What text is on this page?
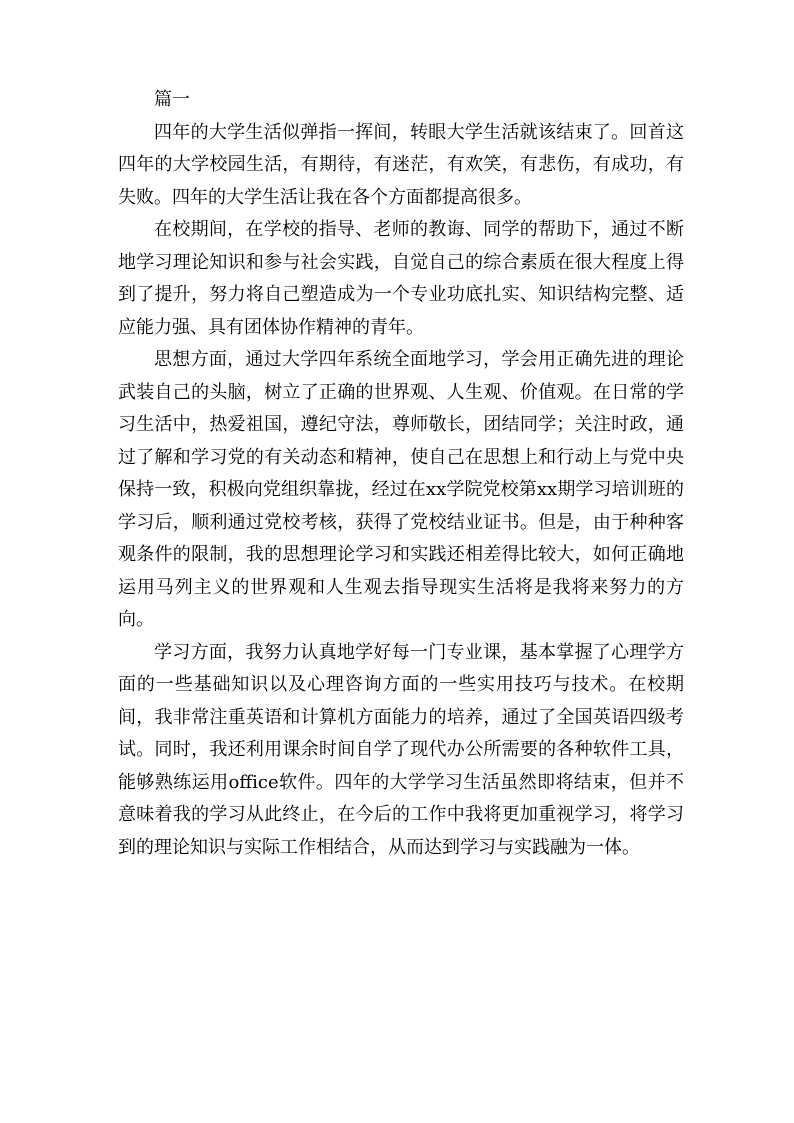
篇一

四年的大学生活似弹指一挥间，转眼大学生活就该结束了。回首这四年的大学校园生活，有期待，有迷茫，有欢笑，有悲伤，有成功，有失败。四年的大学生活让我在各个方面都提高很多。

在校期间，在学校的指导、老师的教诲、同学的帮助下，通过不断地学习理论知识和参与社会实践，自觉自己的综合素质在很大程度上得到了提升，努力将自己塑造成为一个专业功底扎实、知识结构完整、适应能力强、具有团体协作精神的青年。

思想方面，通过大学四年系统全面地学习，学会用正确先进的理论武装自己的头脑，树立了正确的世界观、人生观、价值观。在日常的学习生活中，热爱祖国，遵纪守法，尊师敬长，团结同学；关注时政，通过了解和学习党的有关动态和精神，使自己在思想上和行动上与党中央保持一致，积极向党组织靠拢，经过在xx学院党校第xx期学习培训班的学习后，顺利通过党校考核，获得了党校结业证书。但是，由于种种客观条件的限制，我的思想理论学习和实践还相差得比较大，如何正确地运用马列主义的世界观和人生观去指导现实生活将是我将来努力的方向。

学习方面，我努力认真地学好每一门专业课，基本掌握了心理学方面的一些基础知识以及心理咨询方面的一些实用技巧与技术。在校期间，我非常注重英语和计算机方面能力的培养，通过了全国英语四级考试。同时，我还利用课余时间自学了现代办公所需要的各种软件工具，能够熟练运用office软件。四年的大学学习生活虽然即将结束，但并不意味着我的学习从此终止，在今后的工作中我将更加重视学习，将学习到的理论知识与实际工作相结合，从而达到学习与实践融为一体。
